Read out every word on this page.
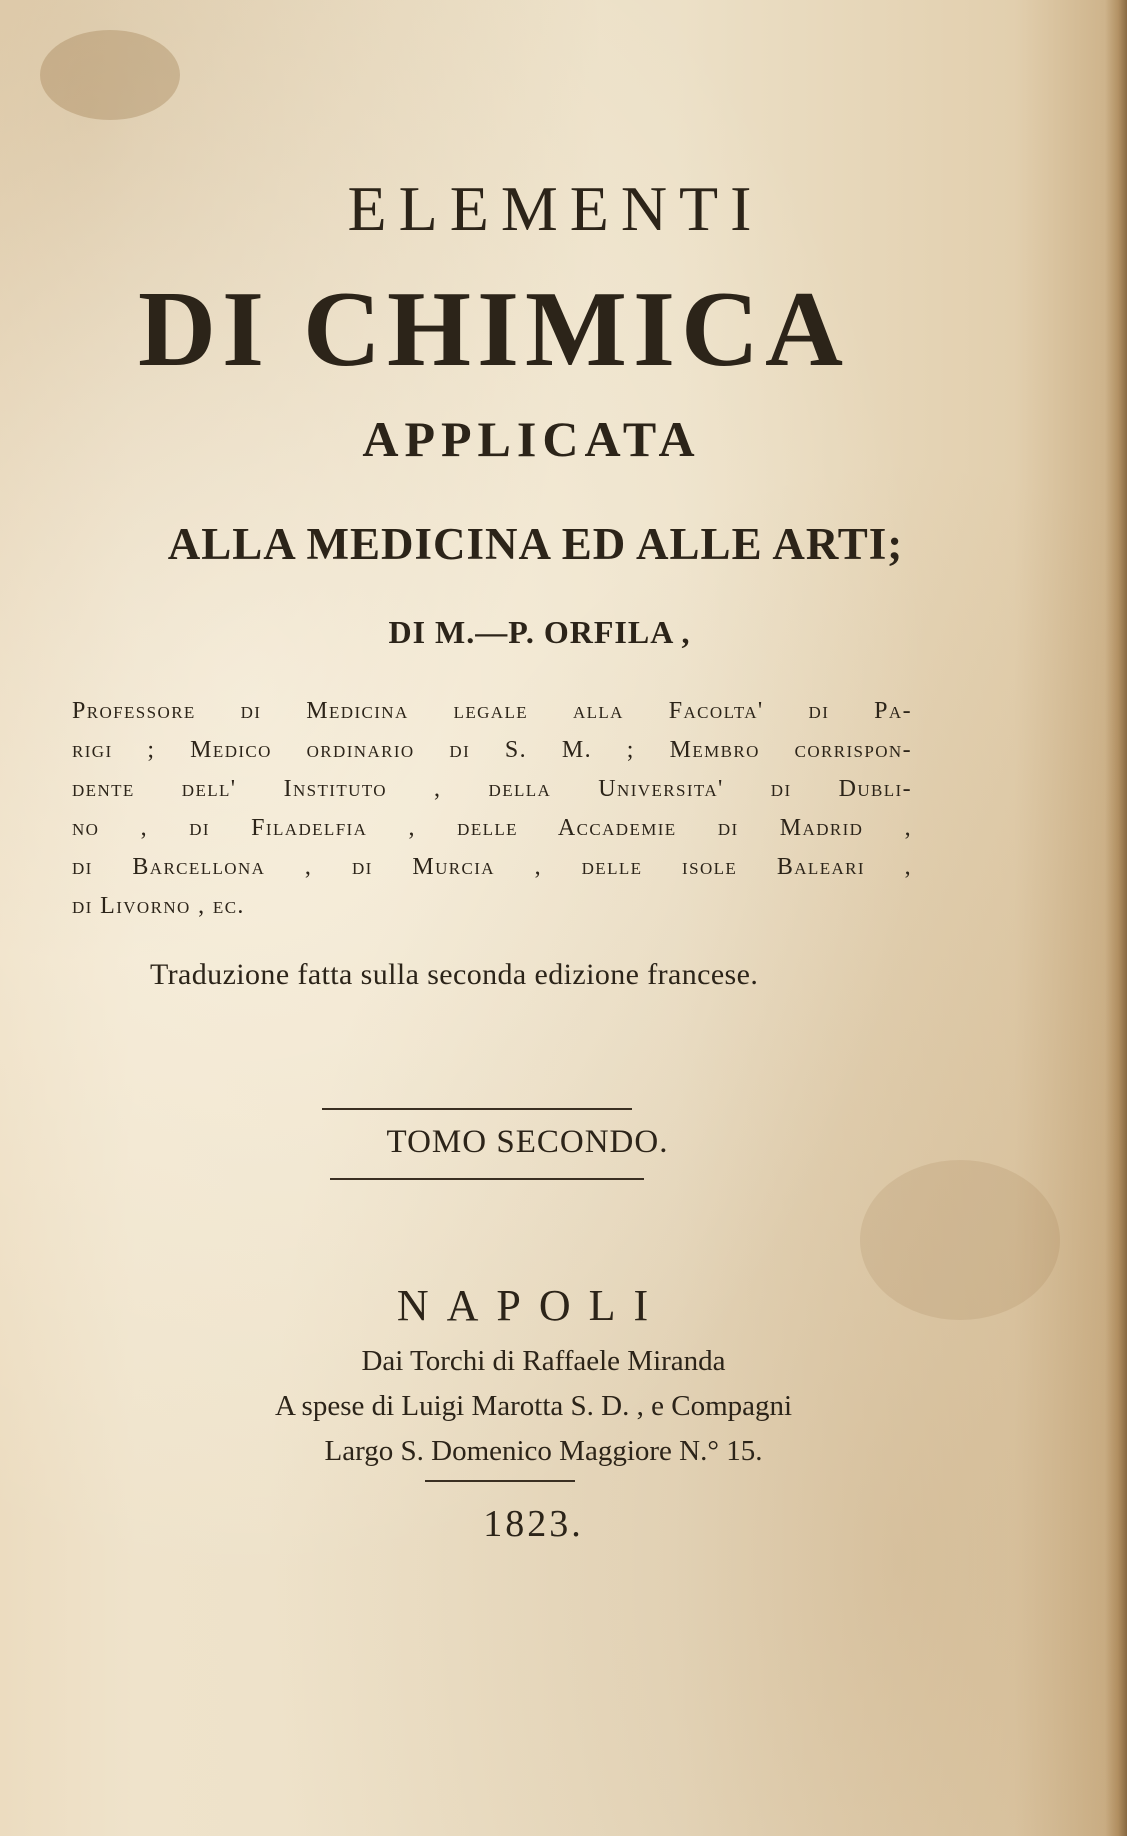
ELEMENTI
DI CHIMICA
APPLICATA
ALLA MEDICINA ED ALLE ARTI;
DI M.—P. ORFILA ,
Professore di Medicina legale alla Facolta' di Pa-
rigi ; Medico ordinario di S. M. ; Membro corrispon-
dente dell' Instituto , della Universita' di Dubli-
no , di Filadelfia , delle Accademie di Madrid ,
di Barcellona , di Murcia , delle isole Baleari ,
di Livorno , ec.
Traduzione fatta sulla seconda edizione francese.
TOMO SECONDO.
NAPOLI
Dai Torchi di Raffaele Miranda
A spese di Luigi Marotta S. D. , e Compagni
Largo S. Domenico Maggiore N.° 15.
1823.
